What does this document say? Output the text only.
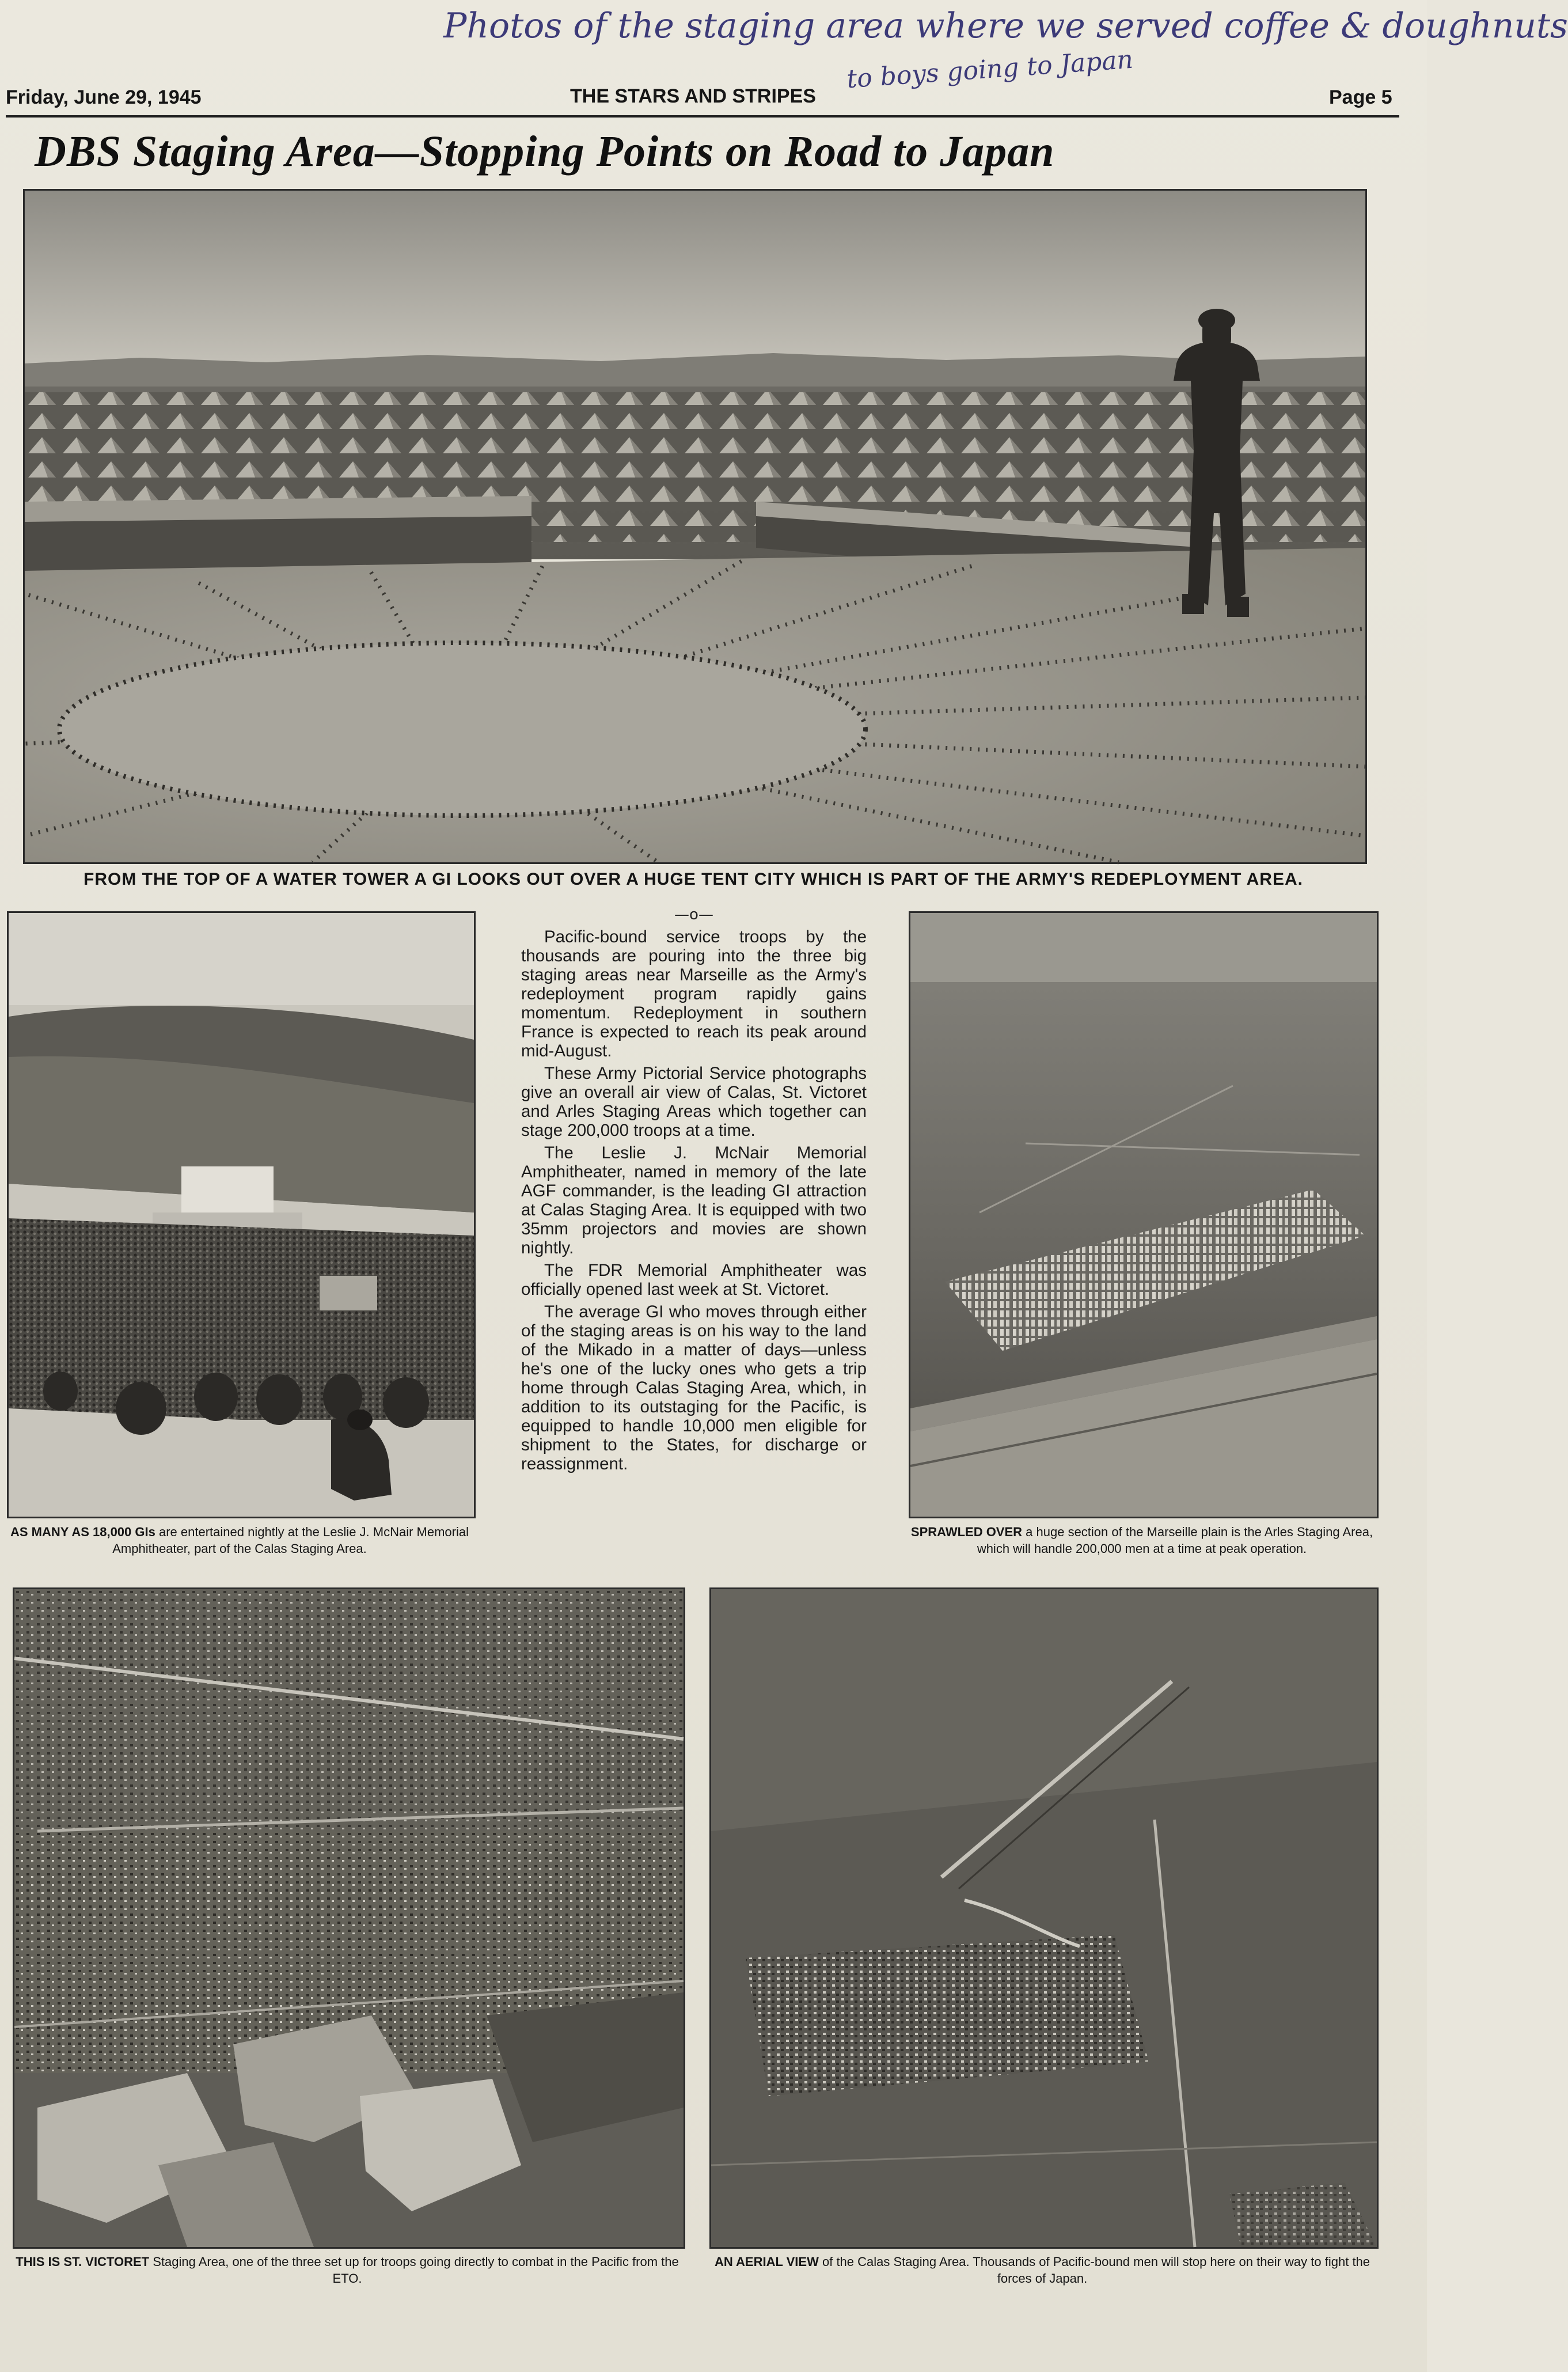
Photos of the staging area where we served coffee & doughnuts
to boys going to Japan
Friday, June 29, 1945	THE STARS AND STRIPES	Page 5
DBS Staging Area—Stopping Points on Road to Japan
FROM THE TOP OF A WATER TOWER A GI LOOKS OUT OVER A HUGE TENT CITY WHICH IS PART OF THE ARMY'S REDEPLOYMENT AREA.
AS MANY AS 18,000 GIs are entertained nightly at the Leslie J. McNair Memorial Amphitheater, part of the Calas Staging Area.
—o—

Pacific-bound service troops by the thousands are pouring into the three big staging areas near Marseille as the Army's redeployment program rapidly gains momentum. Redeployment in southern France is expected to reach its peak around mid-August.

These Army Pictorial Service photographs give an overall air view of Calas, St. Victoret and Arles Staging Areas which together can stage 200,000 troops at a time.

The Leslie J. McNair Memorial Amphitheater, named in memory of the late AGF commander, is the leading GI attraction at Calas Staging Area. It is equipped with two 35mm projectors and movies are shown nightly.

The FDR Memorial Amphitheater was officially opened last week at St. Victoret.

The average GI who moves through either of the staging areas is on his way to the land of the Mikado in a matter of days—unless he's one of the lucky ones who gets a trip home through Calas Staging Area, which, in addition to its outstaging for the Pacific, is equipped to handle 10,000 men eligible for shipment to the States, for discharge or reassignment.

SPRAWLED OVER a huge section of the Marseille plain is the Arles Staging Area, which will handle 200,000 men at a time at peak operation.
THIS IS ST. VICTORET Staging Area, one of the three set up for troops going directly to combat in the Pacific from the ETO.
AN AERIAL VIEW of the Calas Staging Area. Thousands of Pacific-bound men will stop here on their way to fight the forces of Japan.
